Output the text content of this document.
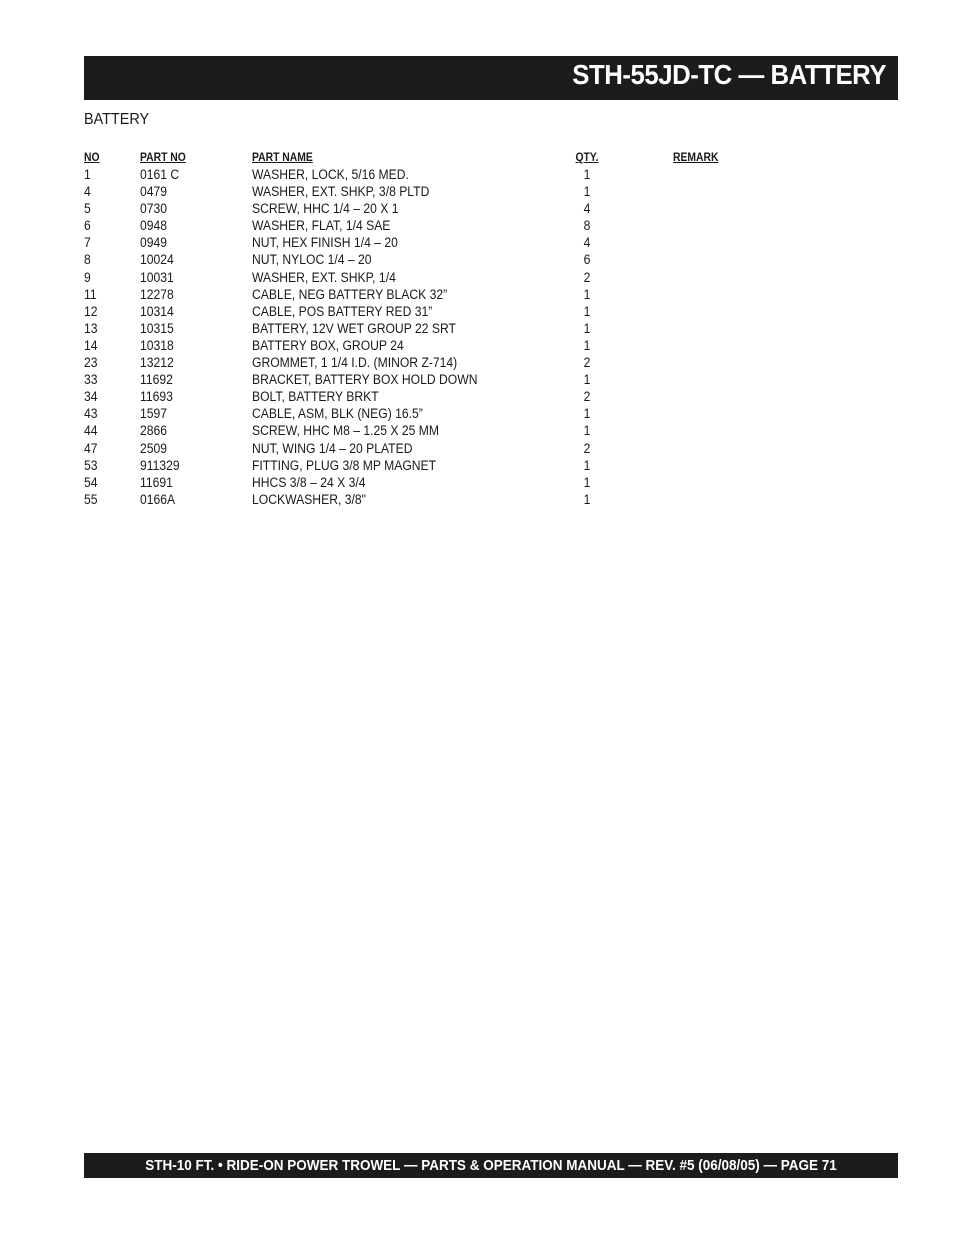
STH-55JD-TC — BATTERY
BATTERY
NO	PART NO	PART NAME	QTY.	REMARK
1	0161 C	WASHER, LOCK, 5/16 MED.	1
4	0479	WASHER, EXT. SHKP, 3/8 PLTD	1
5	0730	SCREW, HHC 1/4 – 20 X 1	4
6	0948	WASHER, FLAT, 1/4 SAE	8
7	0949	NUT, HEX FINISH 1/4 – 20	4
8	10024	NUT, NYLOC 1/4 – 20	6
9	10031	WASHER, EXT. SHKP, 1/4	2
11	12278	CABLE, NEG BATTERY BLACK 32”	1
12	10314	CABLE, POS BATTERY RED 31”	1
13	10315	BATTERY, 12V WET GROUP 22 SRT	1
14	10318	BATTERY BOX, GROUP 24	1
23	13212	GROMMET, 1 1/4 I.D. (MINOR Z-714)	2
33	11692	BRACKET, BATTERY BOX HOLD DOWN	1
34	11693	BOLT, BATTERY BRKT	2
43	1597	CABLE, ASM, BLK (NEG) 16.5”	1
44	2866	SCREW, HHC M8 – 1.25 X 25 MM	1
47	2509	NUT, WING 1/4 – 20 PLATED	2
53	911329	FITTING, PLUG 3/8 MP MAGNET	1
54	11691	HHCS 3/8 – 24 X 3/4	1
55	0166A	LOCKWASHER, 3/8"	1
STH-10 FT. • RIDE-ON POWER TROWEL — PARTS & OPERATION MANUAL — REV. #5 (06/08/05) — PAGE 71
